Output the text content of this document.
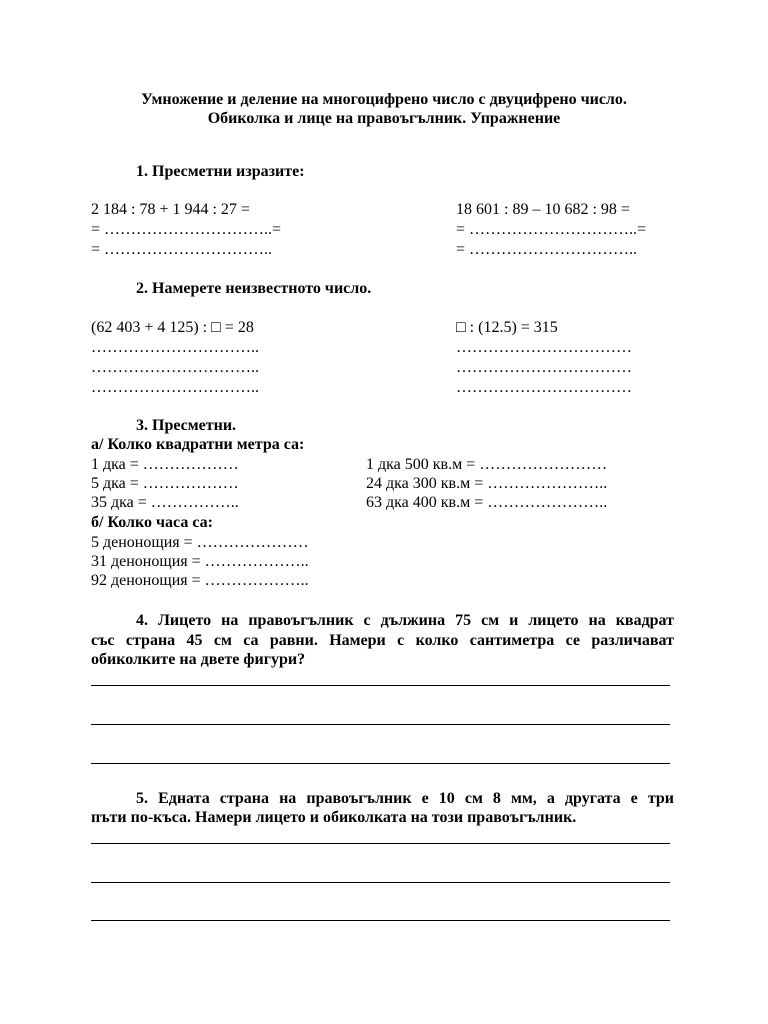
Умножение и деление на многоцифрено число с двуцифрено число.
Обиколка и лице на правоъгълник. Упражнение
1. Пресметни изразите:
2 184 : 78 + 1 944 : 27 =
= …………………………..=
= …………………………..
18 601 : 89 – 10 682 : 98 =
= …………………………..=
= …………………………..
2. Намерете неизвестното число.
(62 403 + 4 125) : □ = 28
…………………………..
…………………………..
…………………………..
□ : (12.5) = 315
……………………………
……………………………
……………………………
3. Пресметни.
а/ Колко квадратни метра са:
1 дка = ………………
5 дка = ………………
35 дка = ……………..
1 дка 500 кв.м = ……………………
24 дка 300 кв.м = …………………..
63 дка 400 кв.м = …………………..
б/ Колко часа са:
5 денонощия = …………………
31 денонощия = ………………..
92 денонощия = ………………..
4. Лицето на правоъгълник с дължина 75 см и лицето на квадрат
със страна 45 см са равни. Намери с колко сантиметра се различават
обиколките на двете фигури?
5. Едната страна на правоъгълник е 10 см 8 мм, а другата е три
пъти по-къса. Намери лицето и обиколката на този правоъгълник.
